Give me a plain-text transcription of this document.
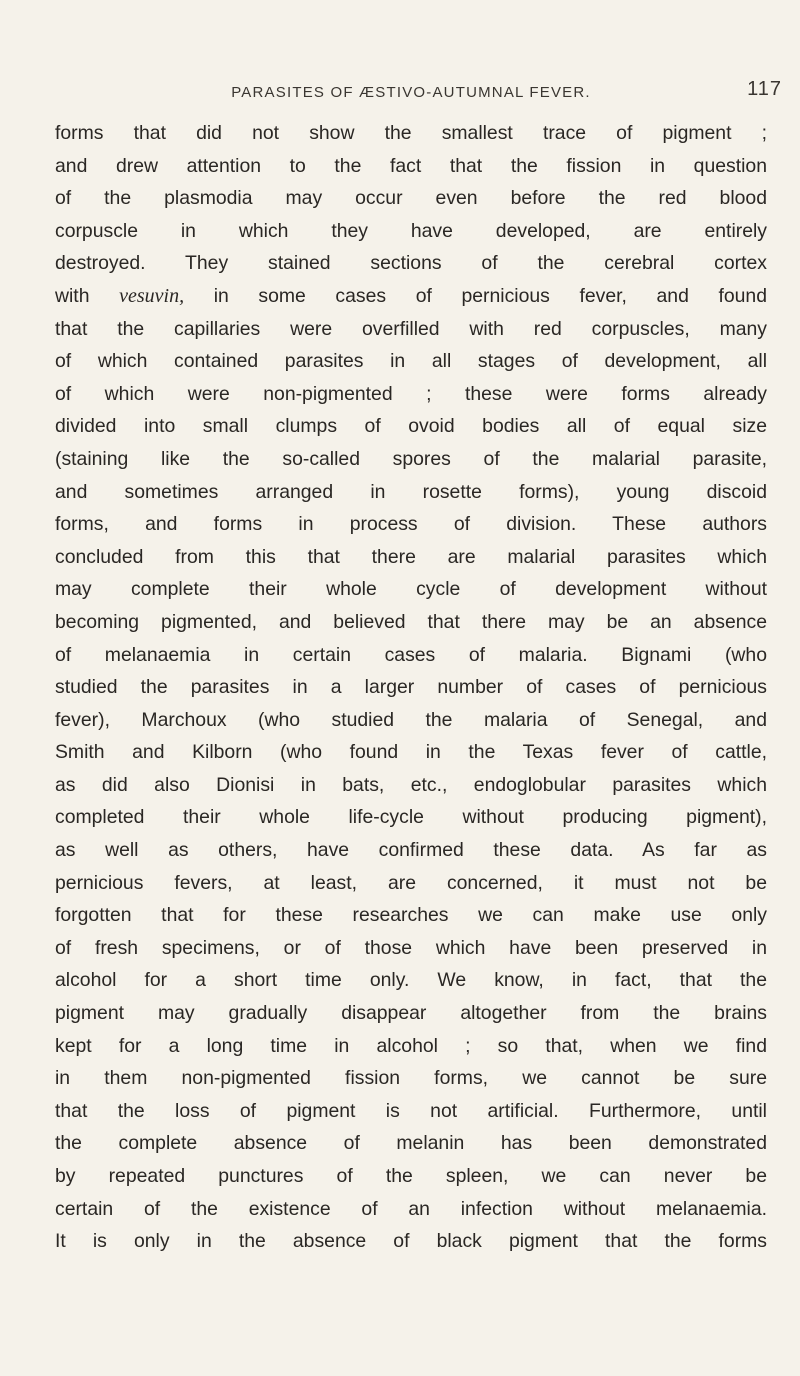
PARASITES OF ÆSTIVO-AUTUMNAL FEVER.	117
forms that did not show the smallest trace of pigment ;
and drew attention to the fact that the fission in question
of the plasmodia may occur even before the red blood
corpuscle in which they have developed, are entirely
destroyed. They stained sections of the cerebral cortex
with vesuvin, in some cases of pernicious fever, and found
that the capillaries were overfilled with red corpuscles, many
of which contained parasites in all stages of development, all
of which were non-pigmented ; these were forms already
divided into small clumps of ovoid bodies all of equal size
(staining like the so-called spores of the malarial parasite,
and sometimes arranged in rosette forms), young discoid
forms, and forms in process of division. These authors
concluded from this that there are malarial parasites which
may complete their whole cycle of development without
becoming pigmented, and believed that there may be an absence
of melanaemia in certain cases of malaria. Bignami (who
studied the parasites in a larger number of cases of pernicious
fever), Marchoux (who studied the malaria of Senegal, and
Smith and Kilborn (who found in the Texas fever of cattle,
as did also Dionisi in bats, etc., endoglobular parasites which
completed their whole life-cycle without producing pigment),
as well as others, have confirmed these data. As far as
pernicious fevers, at least, are concerned, it must not be
forgotten that for these researches we can make use only
of fresh specimens, or of those which have been preserved in
alcohol for a short time only. We know, in fact, that the
pigment may gradually disappear altogether from the brains
kept for a long time in alcohol ; so that, when we find
in them non-pigmented fission forms, we cannot be sure
that the loss of pigment is not artificial. Furthermore, until
the complete absence of melanin has been demonstrated
by repeated punctures of the spleen, we can never be
certain of the existence of an infection without melanaemia.
It is only in the absence of black pigment that the forms
